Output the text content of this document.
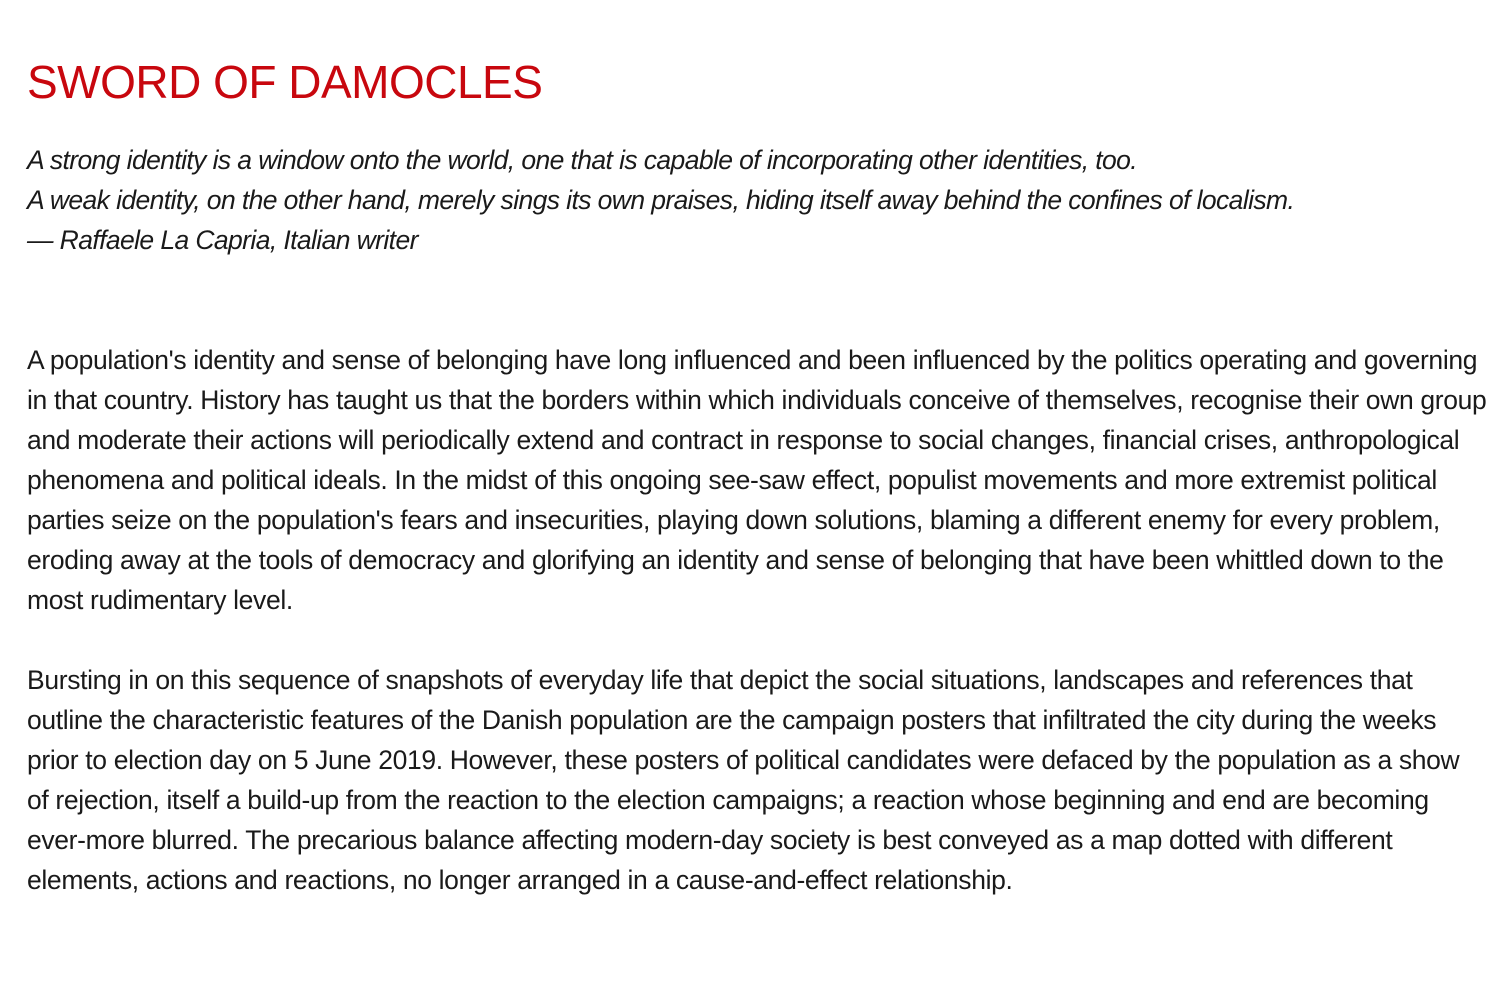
SWORD OF DAMOCLES
A strong identity is a window onto the world, one that is capable of incorporating other identities, too.
A weak identity, on the other hand, merely sings its own praises, hiding itself away behind the confines of localism.
— Raffaele La Capria, Italian writer

A population's identity and sense of belonging have long influenced and been influenced by the politics operating and governing in that country. History has taught us that the borders within which individuals conceive of themselves, recognise their own group and moderate their actions will periodically extend and contract in response to social changes, financial crises, anthropological phenomena and political ideals. In the midst of this ongoing see-saw effect, populist movements and more extremist political parties seize on the population's fears and insecurities, playing down solutions, blaming a different enemy for every problem, eroding away at the tools of democracy and glorifying an identity and sense of belonging that have been whittled down to the most rudimentary level.

Bursting in on this sequence of snapshots of everyday life that depict the social situations, landscapes and references that outline the characteristic features of the Danish population are the campaign posters that infiltrated the city during the weeks prior to election day on 5 June 2019. However, these posters of political candidates were defaced by the population as a show of rejection, itself a build-up from the reaction to the election campaigns; a reaction whose beginning and end are becoming ever-more blurred. The precarious balance affecting modern-day society is best conveyed as a map dotted with different elements, actions and reactions, no longer arranged in a cause-and-effect relationship.
